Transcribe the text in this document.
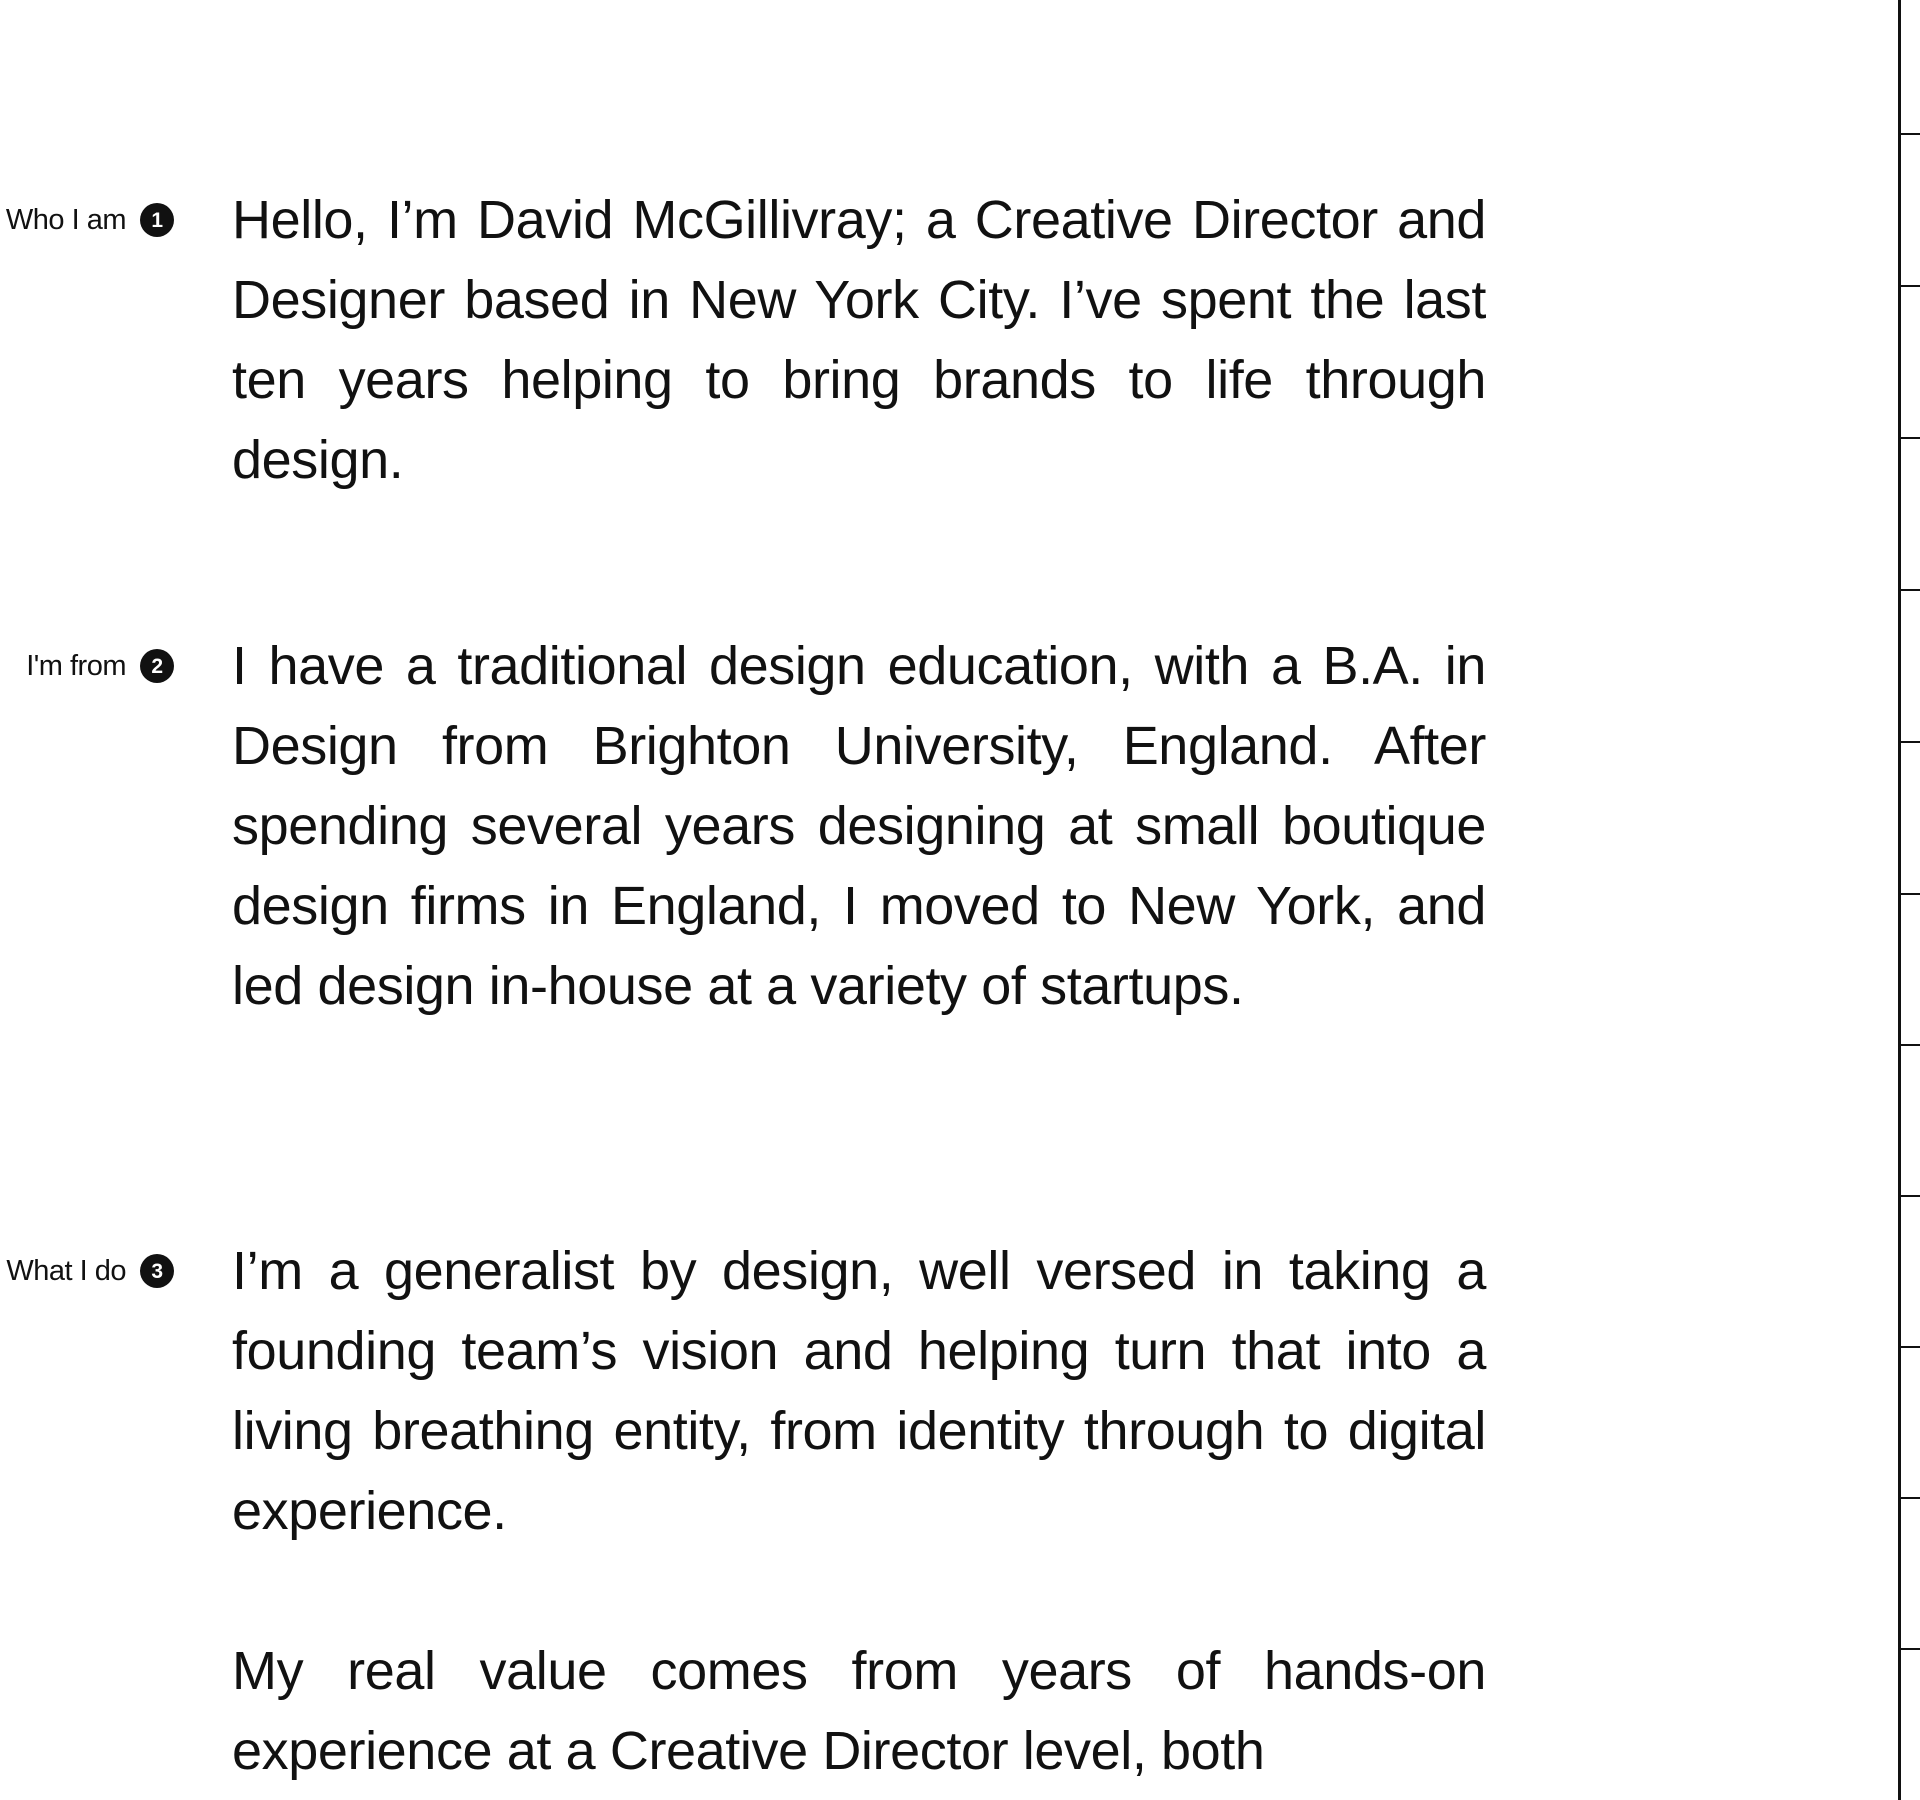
Who I am	1 Hello, I’m David McGillivray; a Creative Director and Designer based in New York City. I’ve spent the last ten years helping to bring brands to life through design.

I'm from	2 I have a traditional design education, with a B.A. in Design from Brighton University, England. After spending several years designing at small boutique design firms in England, I moved to New York, and led design in-house at a variety of startups.

What I do	3 I’m a generalist by design, well versed in taking a founding team’s vision and helping turn that into a living breathing entity, from identity through to digital experience.

My real value comes from years of hands-on experience at a Creative Director level, both
